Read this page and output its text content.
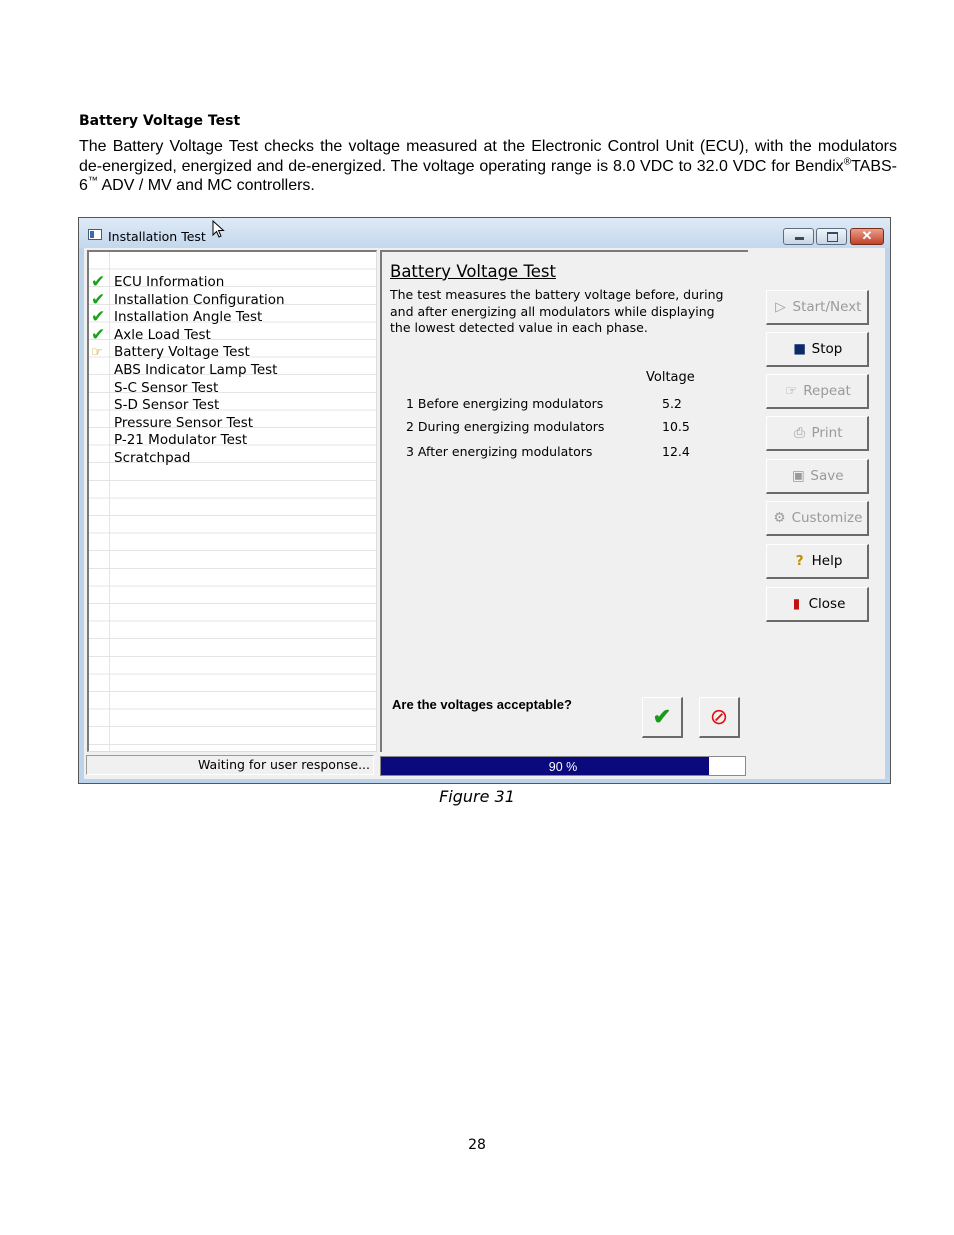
Battery Voltage Test
The Battery Voltage Test checks the voltage measured at the Electronic Control Unit (ECU), with the modulators de-energized, energized and de-energized. The voltage operating range is 8.0 VDC to 32.0 VDC for Bendix®TABS-6™ ADV / MV and MC controllers.
Installation Test	✕
✔ ECU Information
✔ Installation Configuration
✔ Installation Angle Test
✔ Axle Load Test
☞ Battery Voltage Test
ABS Indicator Lamp Test
S-C Sensor Test
S-D Sensor Test
Pressure Sensor Test
P-21 Modulator Test
Scratchpad
Battery Voltage Test
The test measures the battery voltage before, during and after energizing all modulators while displaying the lowest detected value in each phase.
Voltage
1 Before energizing modulators	5.2
2 During energizing modulators	10.5
3 After energizing modulators	12.4
Are the voltages acceptable?	✔	⊘
▷ Start/Next
■ Stop
☞ Repeat
⎙ Print
▣ Save
⚙ Customize
? Help
▮ Close
Waiting for user response...	90 %
Figure 31
28
